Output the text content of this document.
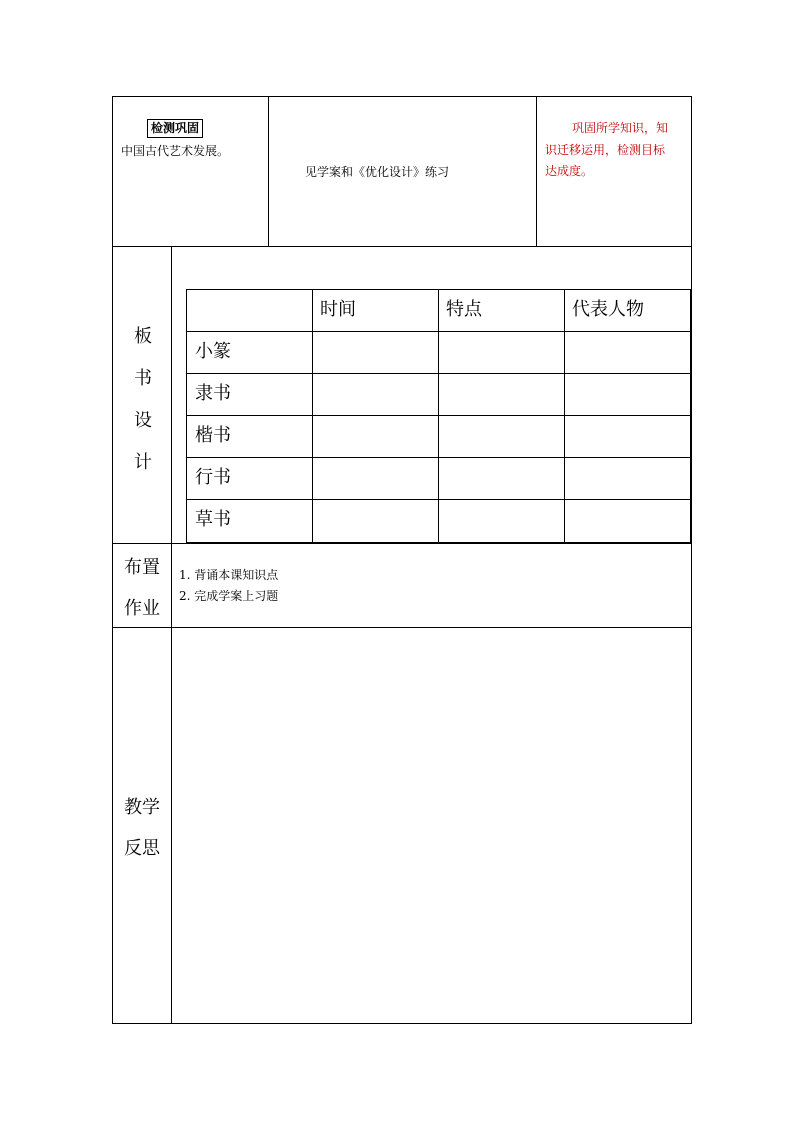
检测巩固
中国古代艺术发展。
见学案和《优化设计》练习
巩固所学知识，知
识迁移运用，检测目标
达成度。
板
书
设
计
时间	特点	代表人物
小篆
隶书
楷书
行书
草书
布置
作业
1. 背诵本课知识点
2. 完成学案上习题
教学
反思
